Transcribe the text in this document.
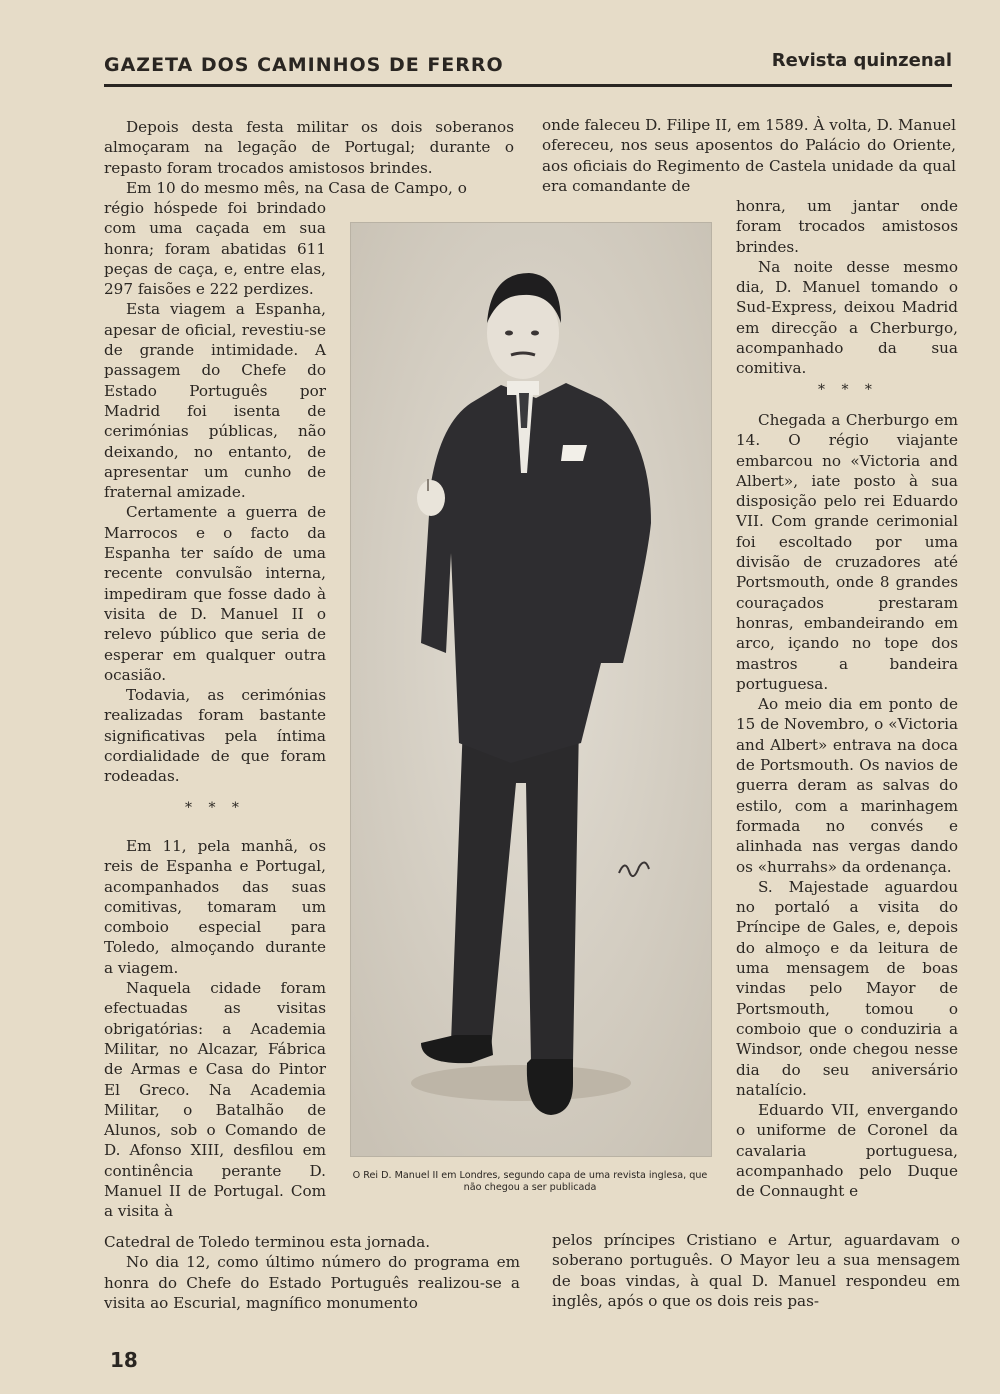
GAZETA DOS CAMINHOS DE FERRO	Revista quinzenal

Depois desta festa militar os dois soberanos almoçaram na legação de Portugal; durante o repasto foram trocados amistosos brindes.

Em 10 do mesmo mês, na Casa de Campo, o

régio hóspede foi brindado com uma caçada em sua honra; foram abatidas 611 peças de caça, e, entre elas, 297 faisões e 222 perdizes.

Esta viagem a Espanha, apesar de oficial, revestiu-se de grande intimidade. A passagem do Chefe do Estado Português por Madrid foi isenta de cerimónias públicas, não deixando, no entanto, de apresentar um cunho de fraternal amizade.

Certamente a guerra de Marrocos e o facto da Espanha ter saído de uma recente convulsão interna, impediram que fosse dado à visita de D. Manuel II o relevo público que seria de esperar em qualquer outra ocasião.

Todavia, as cerimónias realizadas foram bastante significativas pela íntima cordialidade de que foram rodeadas.

* * *

Em 11, pela manhã, os reis de Espanha e Portugal, acompanhados das suas comitivas, tomaram um comboio especial para Toledo, almoçando durante a viagem.

Naquela cidade foram efectuadas as visitas obrigatórias: a Academia Militar, no Alcazar, Fábrica de Armas e Casa do Pintor El Greco. Na Academia Militar, o Batalhão de Alunos, sob o Comando de D. Afonso XIII, desfilou em continência perante D. Manuel II de Portugal. Com a visita à

Catedral de Toledo terminou esta jornada.

No dia 12, como último número do programa em honra do Chefe do Estado Português realizou-se a visita ao Escurial, magnífico monumento

onde faleceu D. Filipe II, em 1589. À volta, D. Manuel ofereceu, nos seus aposentos do Palácio do Oriente, aos oficiais do Regimento de Castela unidade da qual era comandante de

honra, um jantar onde foram trocados amistosos brindes.

Na noite desse mesmo dia, D. Manuel tomando o Sud-Express, deixou Madrid em direcção a Cherburgo, acompanhado da sua comitiva.

* * *

Chegada a Cherburgo em 14. O régio viajante embarcou no «Victoria and Albert», iate posto à sua disposição pelo rei Eduardo VII. Com grande cerimonial foi escoltado por uma divisão de cruzadores até Portsmouth, onde 8 grandes couraçados prestaram honras, embandeirando em arco, içando no tope dos mastros a bandeira portuguesa.

Ao meio dia em ponto de 15 de Novembro, o «Victoria and Albert» entrava na doca de Portsmouth. Os navios de guerra deram as salvas do estilo, com a marinhagem formada no convés e alinhada nas vergas dando os «hurrahs» da ordenança.

S. Majestade aguardou no portaló a visita do Príncipe de Gales, e, depois do almoço e da leitura de uma mensagem de boas vindas pelo Mayor de Portsmouth, tomou o comboio que o conduziria a Windsor, onde chegou nesse dia do seu aniversário natalício.

Eduardo VII, envergando o uniforme de Coronel da cavalaria portuguesa, acompanhado pelo Duque de Connaught e

pelos príncipes Cristiano e Artur, aguardavam o soberano português. O Mayor leu a sua mensagem de boas vindas, à qual D. Manuel respondeu em inglês, após o que os dois reis pas-

O Rei D. Manuel II em Londres, segundo capa de uma revista inglesa, que não chegou a ser publicada
18
